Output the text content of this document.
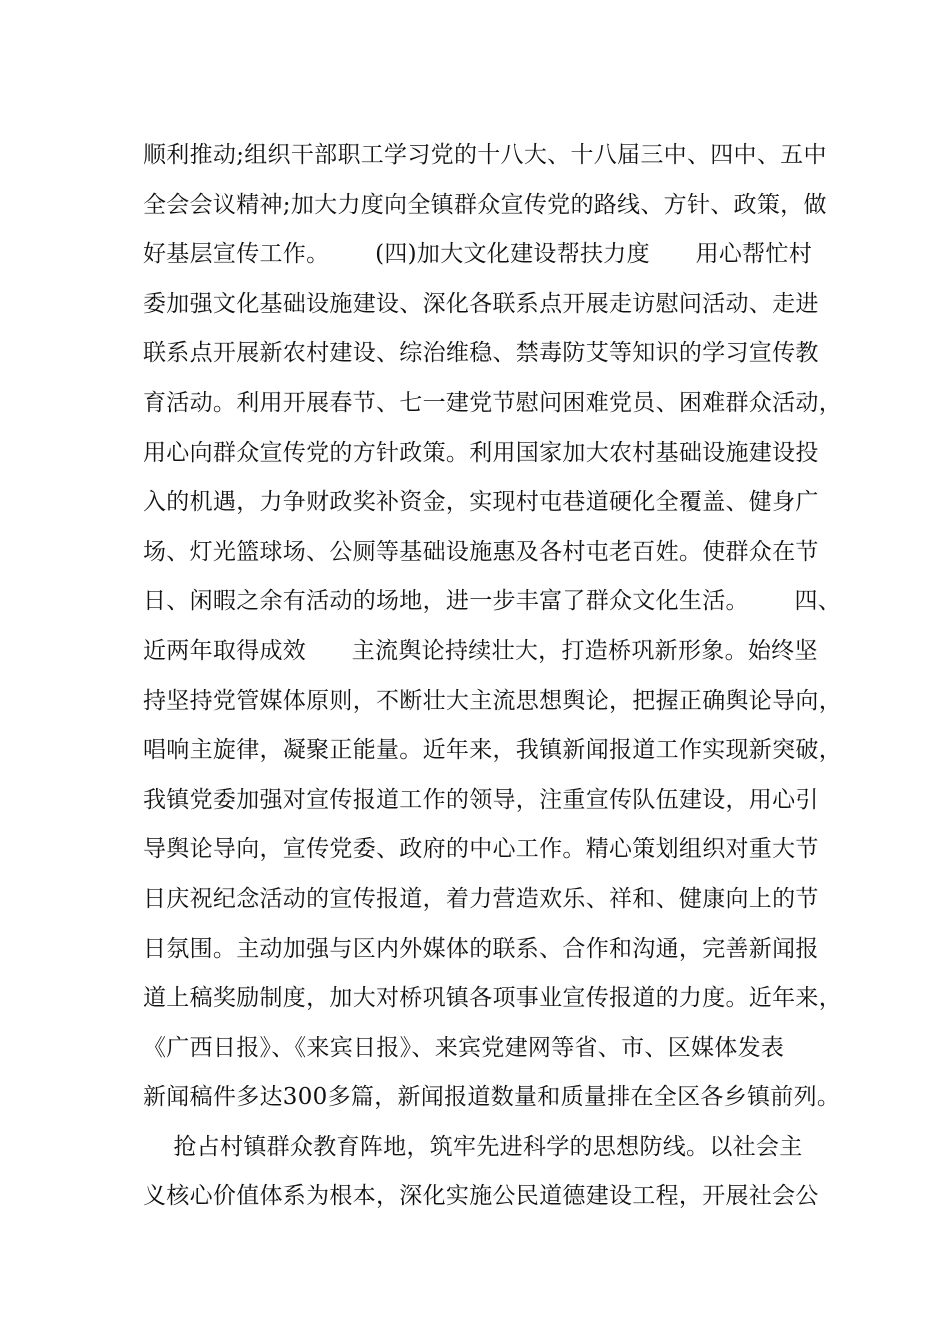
顺利推动;组织干部职工学习党的十八大、十八届三中、四中、五中
全会会议精神;加大力度向全镇群众宣传党的路线、方针、政策，做
好基层宣传工作。      (四)加大文化建设帮扶力度      用心帮忙村
委加强文化基础设施建设、深化各联系点开展走访慰问活动、走进
联系点开展新农村建设、综治维稳、禁毒防艾等知识的学习宣传教
育活动。利用开展春节、七一建党节慰问困难党员、困难群众活动，
用心向群众宣传党的方针政策。利用国家加大农村基础设施建设投
入的机遇，力争财政奖补资金，实现村屯巷道硬化全覆盖、健身广
场、灯光篮球场、公厕等基础设施惠及各村屯老百姓。使群众在节
日、闲暇之余有活动的场地，进一步丰富了群众文化生活。      四、
近两年取得成效      主流舆论持续壮大，打造桥巩新形象。始终坚
持坚持党管媒体原则，不断壮大主流思想舆论，把握正确舆论导向，
唱响主旋律，凝聚正能量。近年来，我镇新闻报道工作实现新突破，
我镇党委加强对宣传报道工作的领导，注重宣传队伍建设，用心引
导舆论导向，宣传党委、政府的中心工作。精心策划组织对重大节
日庆祝纪念活动的宣传报道，着力营造欢乐、祥和、健康向上的节
日氛围。主动加强与区内外媒体的联系、合作和沟通，完善新闻报
道上稿奖励制度，加大对桥巩镇各项事业宣传报道的力度。近年来，
《广西日报》、《来宾日报》、来宾党建网等省、市、区媒体发表
新闻稿件多达300多篇，新闻报道数量和质量排在全区各乡镇前列。
抢占村镇群众教育阵地，筑牢先进科学的思想防线。以社会主
义核心价值体系为根本，深化实施公民道德建设工程，开展社会公
